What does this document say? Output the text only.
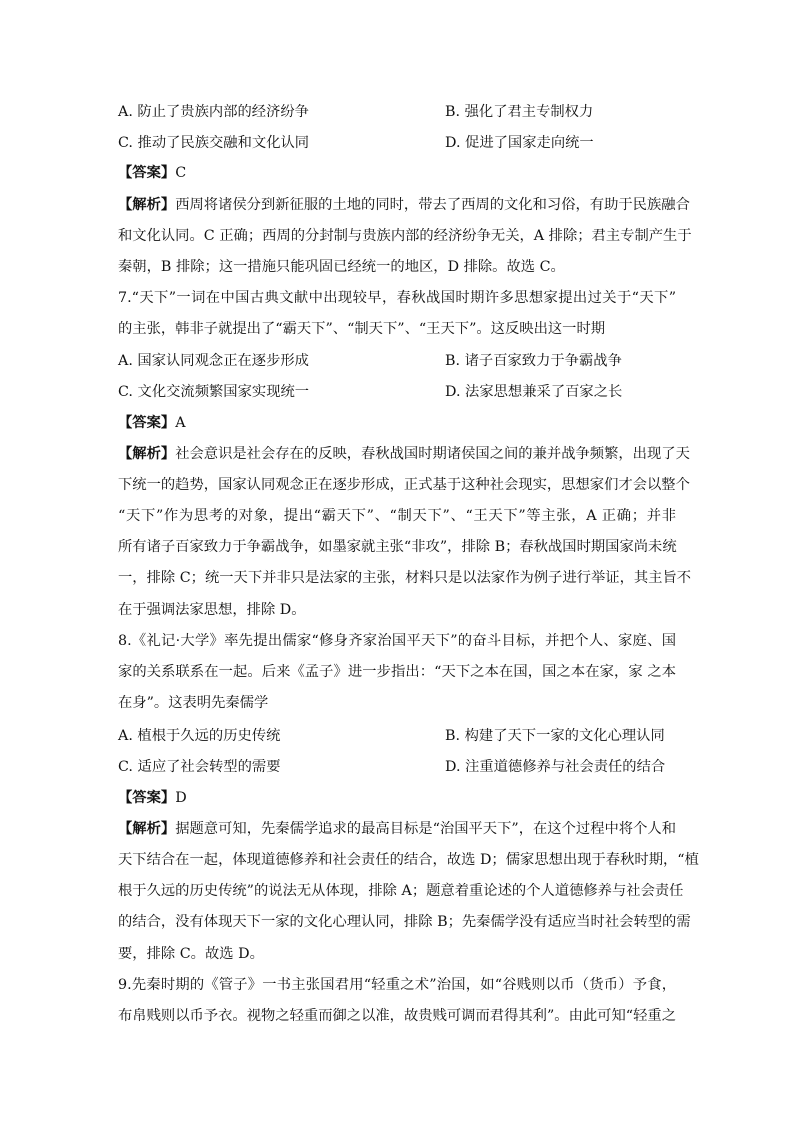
A. 防止了贵族内部的经济纷争	B. 强化了君主专制权力
C. 推动了民族交融和文化认同	D. 促进了国家走向统一
【答案】C
【解析】西周将诸侯分到新征服的土地的同时，带去了西周的文化和习俗，有助于民族融合
和文化认同。C 正确；西周的分封制与贵族内部的经济纷争无关，A 排除；君主专制产生于
秦朝，B 排除；这一措施只能巩固已经统一的地区，D 排除。故选 C。
7.“天下”一词在中国古典文献中出现较早，春秋战国时期许多思想家提出过关于“天下”
的主张，韩非子就提出了“霸天下”、“制天下”、“王天下”。这反映出这一时期
A. 国家认同观念正在逐步形成	B. 诸子百家致力于争霸战争
C. 文化交流频繁国家实现统一	D. 法家思想兼采了百家之长
【答案】A
【解析】社会意识是社会存在的反映，春秋战国时期诸侯国之间的兼并战争频繁，出现了天
下统一的趋势，国家认同观念正在逐步形成，正式基于这种社会现实，思想家们才会以整个
“天下”作为思考的对象，提出“霸天下”、“制天下”、“王天下”等主张，A 正确；并非
所有诸子百家致力于争霸战争，如墨家就主张“非攻”，排除 B；春秋战国时期国家尚未统
一，排除 C；统一天下并非只是法家的主张，材料只是以法家作为例子进行举证，其主旨不
在于强调法家思想，排除 D。
8.《礼记·大学》率先提出儒家“修身齐家治国平天下”的奋斗目标，并把个人、家庭、国
家的关系联系在一起。后来《孟子》进一步指出：“天下之本在国，国之本在家，家 之本
在身”。这表明先秦儒学
A. 植根于久远的历史传统	B. 构建了天下一家的文化心理认同
C. 适应了社会转型的需要	D. 注重道德修养与社会责任的结合
【答案】D
【解析】据题意可知，先秦儒学追求的最高目标是“治国平天下”，在这个过程中将个人和
天下结合在一起，体现道德修养和社会责任的结合，故选 D；儒家思想出现于春秋时期，“植
根于久远的历史传统”的说法无从体现，排除 A；题意着重论述的个人道德修养与社会责任
的结合，没有体现天下一家的文化心理认同，排除 B；先秦儒学没有适应当时社会转型的需
要，排除 C。故选 D。
9.先秦时期的《管子》一书主张国君用“轻重之术”治国，如“谷贱则以币（货币）予食，
布帛贱则以币予衣。视物之轻重而御之以准，故贵贱可调而君得其利”。由此可知“轻重之
